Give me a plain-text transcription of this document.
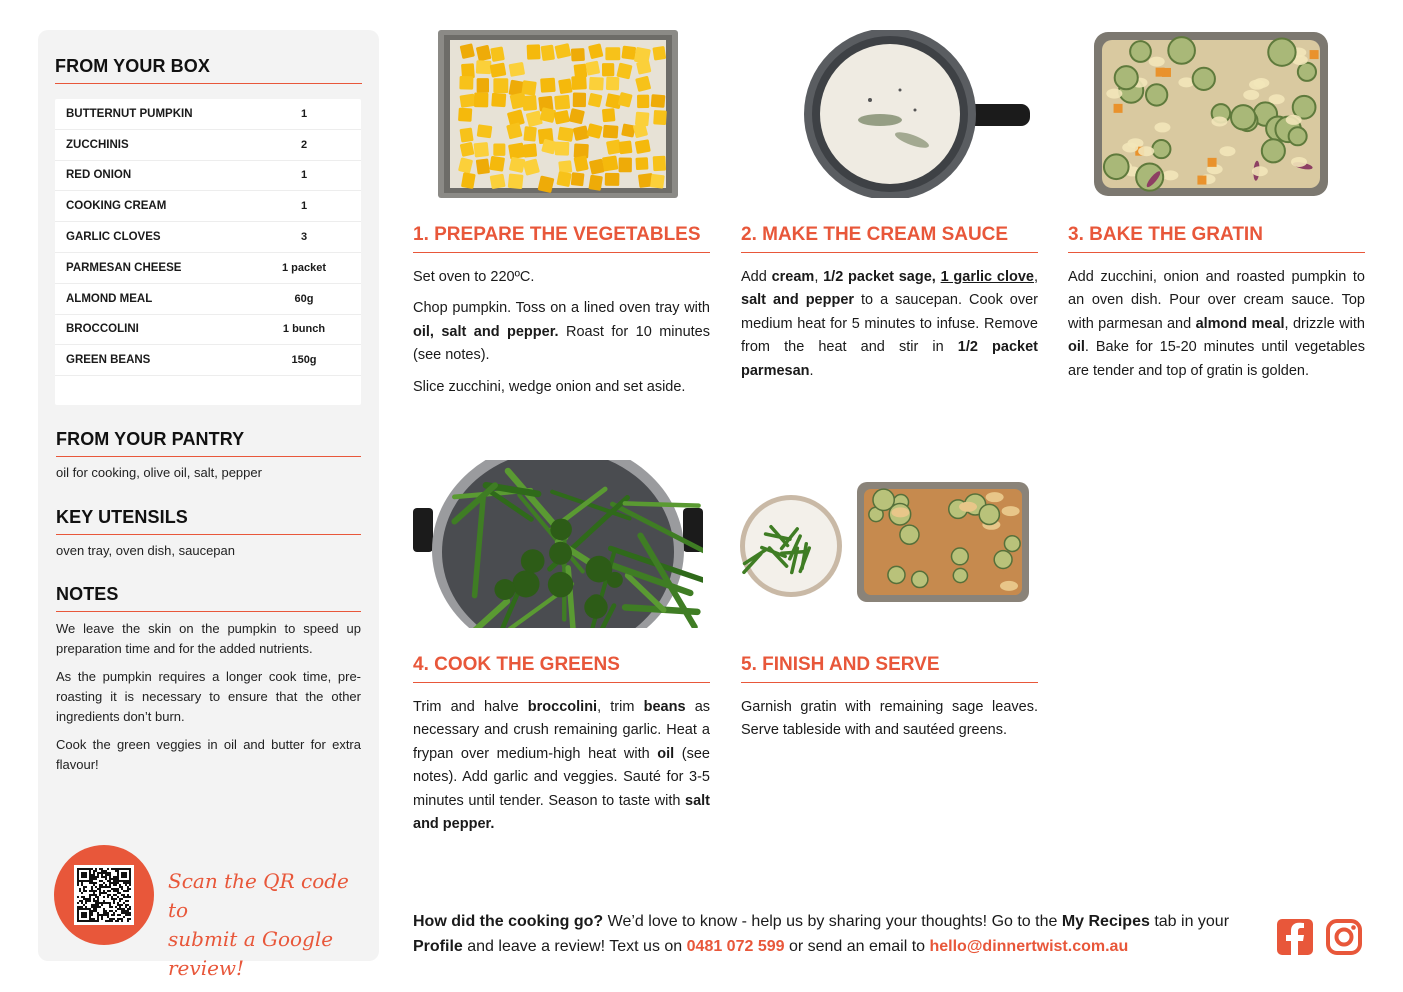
FROM YOUR BOX
BUTTERNUT PUMPKIN	1
ZUCCHINIS	2
RED ONION	1
COOKING CREAM	1
GARLIC CLOVES	3
PARMESAN CHEESE	1 packet
ALMOND MEAL	60g
BROCCOLINI	1 bunch
GREEN BEANS	150g
FROM YOUR PANTRY
oil for cooking, olive oil, salt, pepper
KEY UTENSILS
oven tray, oven dish, saucepan
NOTES

We leave the skin on the pumpkin to speed up preparation time and for the added nutrients.

As the pumpkin requires a longer cook time, pre-roasting it is necessary to ensure that the other ingredients don’t burn.

Cook the green veggies in oil and butter for extra flavour!

Scan the QR code to
submit a Google review!
1. PREPARE THE VEGETABLES

Set oven to 220ºC.

Chop pumpkin. Toss on a lined oven tray with oil, salt and pepper. Roast for 10 minutes (see notes).

Slice zucchini, wedge onion and set aside.

2. MAKE THE CREAM SAUCE

Add cream, 1/2 packet sage, 1 garlic clove, salt and pepper to a saucepan. Cook over medium heat for 5 minutes to infuse. Remove from the heat and stir in 1/2 packet parmesan.

3. BAKE THE GRATIN

Add zucchini, onion and roasted pumpkin to an oven dish. Pour over cream sauce. Top with parmesan and almond meal, drizzle with oil. Bake for 15-20 minutes until vegetables are tender and top of gratin is golden.

4. COOK THE GREENS

Trim and halve broccolini, trim beans as necessary and crush remaining garlic. Heat a frypan over medium-high heat with oil (see notes). Add garlic and veggies. Sauté for 3-5 minutes until tender. Season to taste with salt and pepper.

5. FINISH AND SERVE

Garnish gratin with remaining sage leaves. Serve tableside with and sautéed greens.

How did the cooking go? We’d love to know - help us by sharing your thoughts! Go to the My Recipes tab in your Profile and leave a review! Text us on 0481 072 599 or send an email to hello@dinnertwist.com.au
